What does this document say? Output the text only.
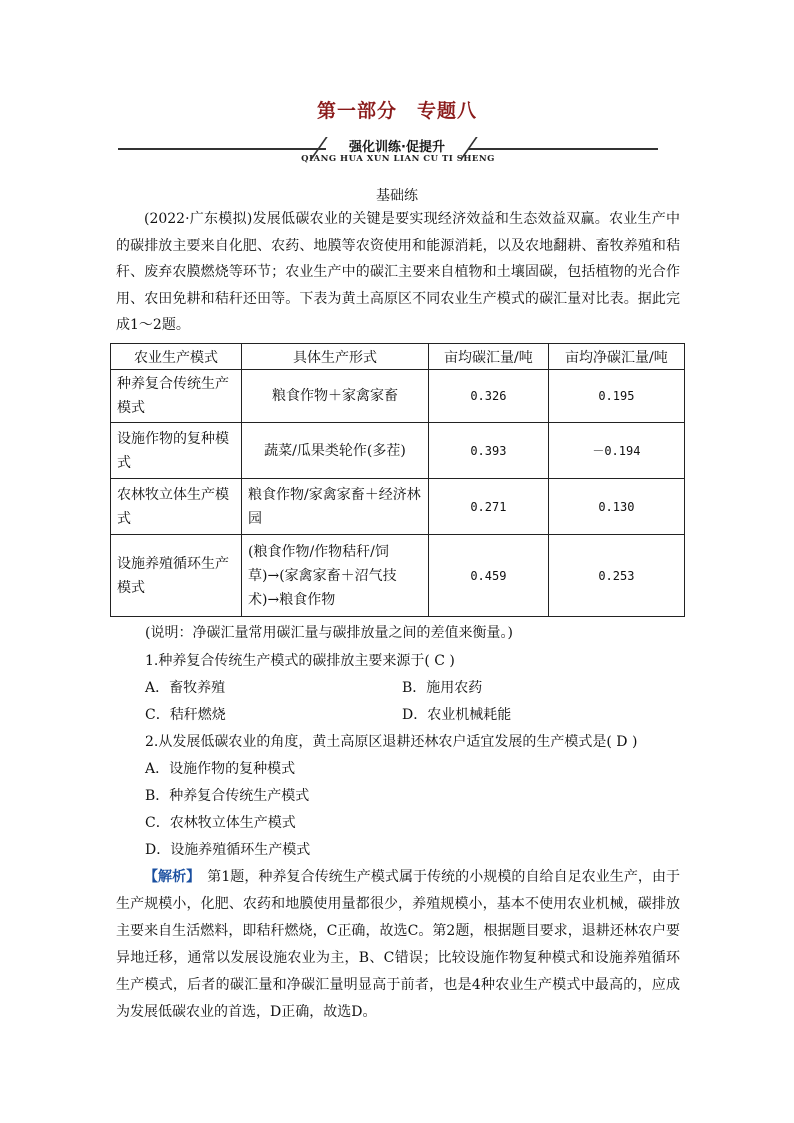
第一部分　专题八
强化训练·促提升
QIANG HUA XUN LIAN CU TI SHENG
基础练

(2022·广东模拟)发展低碳农业的关键是要实现经济效益和生态效益双赢。农业生产中的碳排放主要来自化肥、农药、地膜等农资使用和能源消耗，以及农地翻耕、畜牧养殖和秸秆、废弃农膜燃烧等环节；农业生产中的碳汇主要来自植物和土壤固碳，包括植物的光合作用、农田免耕和秸秆还田等。下表为黄土高原区不同农业生产模式的碳汇量对比表。据此完成1～2题。

农业生产模式	具体生产形式	亩均碳汇量/吨	亩均净碳汇量/吨
种养复合传统生产模式	粮食作物＋家禽家畜	0.326	0.195
设施作物的复种模式	蔬菜/瓜果类轮作(多茬)	0.393	－0.194
农林牧立体生产模式	粮食作物/家禽家畜＋经济林园	0.271	0.130
设施养殖循环生产模式	(粮食作物/作物秸秆/饲草)→(家禽家畜＋沼气技术)→粮食作物	0.459	0.253
(说明：净碳汇量常用碳汇量与碳排放量之间的差值来衡量。)
1.种养复合传统生产模式的碳排放主要来源于( C )
A．畜牧养殖	B．施用农药
C．秸秆燃烧	D．农业机械耗能
2.从发展低碳农业的角度，黄土高原区退耕还林农户适宜发展的生产模式是( D )
A．设施作物的复种模式
B．种养复合传统生产模式
C．农林牧立体生产模式
D．设施养殖循环生产模式

【解析】　第1题，种养复合传统生产模式属于传统的小规模的自给自足农业生产，由于生产规模小，化肥、农药和地膜使用量都很少，养殖规模小，基本不使用农业机械，碳排放主要来自生活燃料，即秸秆燃烧，C正确，故选C。第2题，根据题目要求，退耕还林农户要异地迁移，通常以发展设施农业为主，B、C错误；比较设施作物复种模式和设施养殖循环生产模式，后者的碳汇量和净碳汇量明显高于前者，也是4种农业生产模式中最高的，应成为发展低碳农业的首选，D正确，故选D。
